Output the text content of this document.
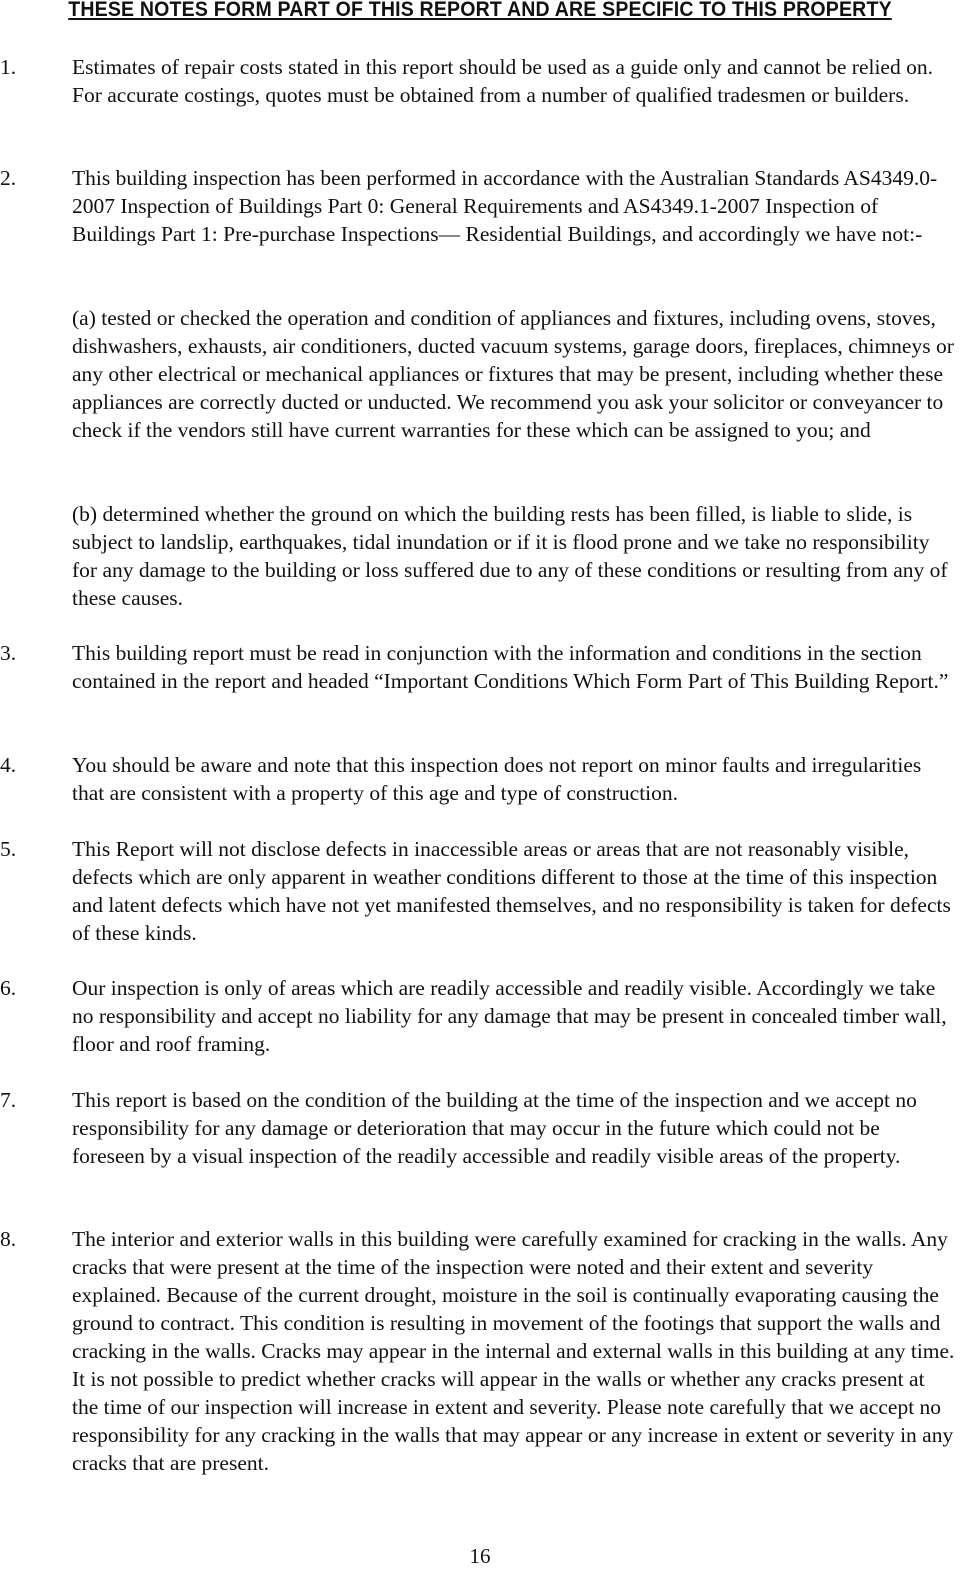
THESE NOTES FORM PART OF THIS REPORT AND ARE SPECIFIC TO THIS PROPERTY
1.	Estimates of repair costs stated in this report should be used as a guide only and cannot be relied on. For accurate costings, quotes must be obtained from a number of qualified tradesmen or builders.

2.	This building inspection has been performed in accordance with the Australian Standards AS4349.0-2007 Inspection of Buildings Part 0: General Requirements and AS4349.1-2007 Inspection of Buildings Part 1: Pre-purchase Inspections— Residential Buildings, and accordingly we have not:-

(a) tested or checked the operation and condition of appliances and fixtures, including ovens, stoves, dishwashers, exhausts, air conditioners, ducted vacuum systems, garage doors, fireplaces, chimneys or any other electrical or mechanical appliances or fixtures that may be present, including whether these appliances are correctly ducted or unducted. We recommend you ask your solicitor or conveyancer to check if the vendors still have current warranties for these which can be assigned to you; and

(b) determined whether the ground on which the building rests has been filled, is liable to slide, is subject to landslip, earthquakes, tidal inundation or if it is flood prone and we take no responsibility for any damage to the building or loss suffered due to any of these conditions or resulting from any of these causes.

3.	This building report must be read in conjunction with the information and conditions in the section contained in the report and headed “Important Conditions Which Form Part of This Building Report.”

4.	You should be aware and note that this inspection does not report on minor faults and irregularities that are consistent with a property of this age and type of construction.

5.	This Report will not disclose defects in inaccessible areas or areas that are not reasonably visible, defects which are only apparent in weather conditions different to those at the time of this inspection and latent defects which have not yet manifested themselves, and no responsibility is taken for defects of these kinds.

6.	Our inspection is only of areas which are readily accessible and readily visible. Accordingly we take no responsibility and accept no liability for any damage that may be present in concealed timber wall, floor and roof framing.

7.	This report is based on the condition of the building at the time of the inspection and we accept no responsibility for any damage or deterioration that may occur in the future which could not be foreseen by a visual inspection of the readily accessible and readily visible areas of the property.

8.	The interior and exterior walls in this building were carefully examined for cracking in the walls. Any cracks that were present at the time of the inspection were noted and their extent and severity explained. Because of the current drought, moisture in the soil is continually evaporating causing the ground to contract. This condition is resulting in movement of the footings that support the walls and cracking in the walls. Cracks may appear in the internal and external walls in this building at any time. It is not possible to predict whether cracks will appear in the walls or whether any cracks present at the time of our inspection will increase in extent and severity. Please note carefully that we accept no responsibility for any cracking in the walls that may appear or any increase in extent or severity in any cracks that are present.

16
